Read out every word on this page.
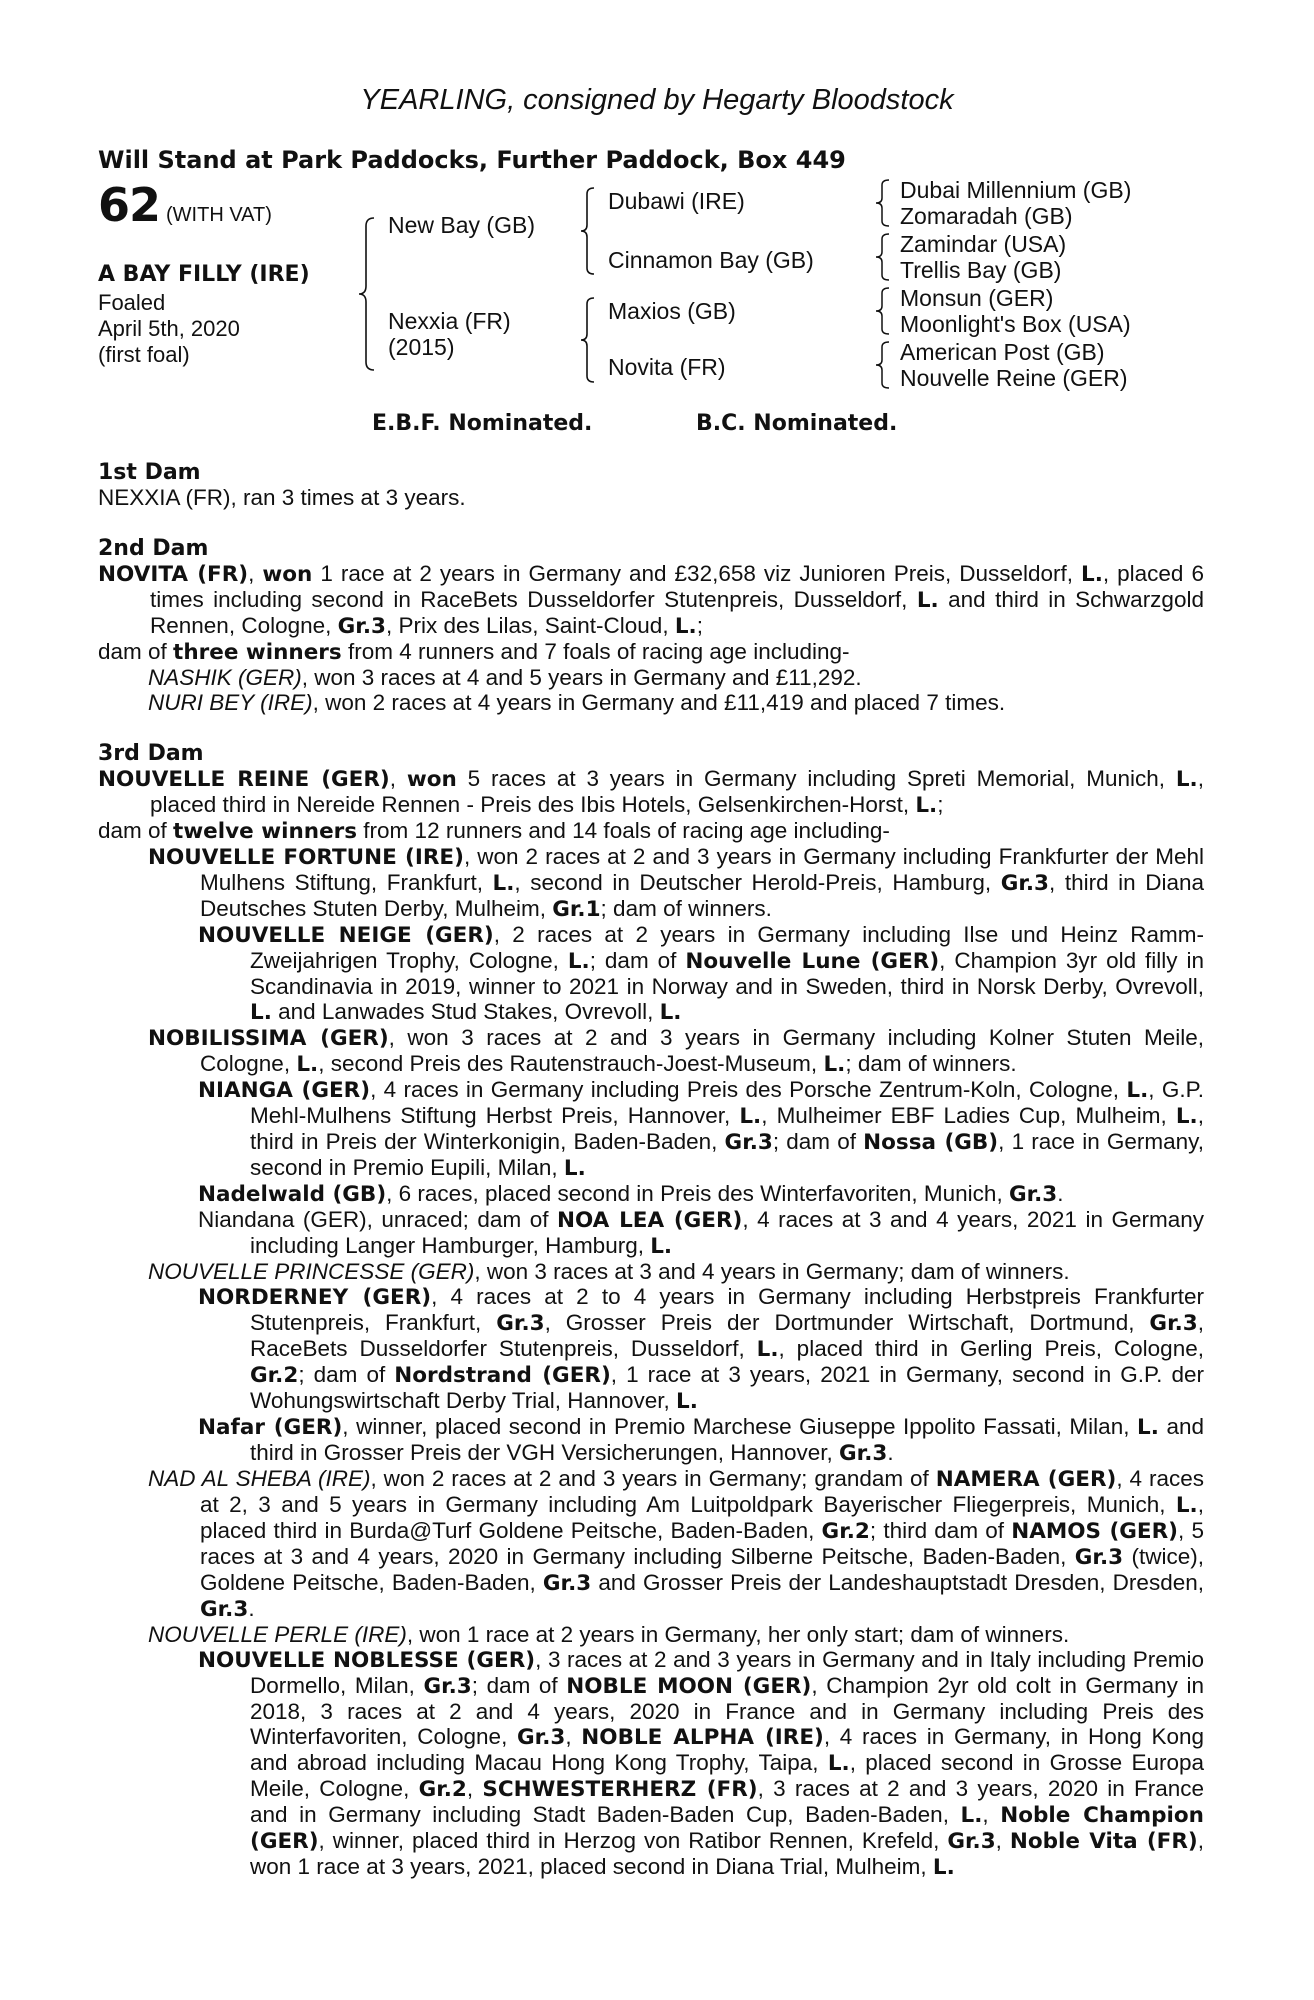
YEARLING, consigned by Hegarty Bloodstock
Will Stand at Park Paddocks, Further Paddock, Box 449
62 (WITH VAT)
A BAY FILLY (IRE)
Foaled
April 5th, 2020
(first foal)
New Bay (GB)
Nexxia (FR)
(2015)
Dubawi (IRE)
Cinnamon Bay (GB)
Maxios (GB)
Novita (FR)
Dubai Millennium (GB)
Zomaradah (GB)
Zamindar (USA)
Trellis Bay (GB)
Monsun (GER)
Moonlight's Box (USA)
American Post (GB)
Nouvelle Reine (GER)
E.B.F. Nominated.	B.C. Nominated.
1st Dam

NEXXIA (FR), ran 3 times at 3 years.

2nd Dam

NOVITA (FR), won 1 race at 2 years in Germany and £32,658 viz Junioren Preis, Dusseldorf, L., placed 6 times including second in RaceBets Dusseldorfer Stutenpreis, Dusseldorf, L. and third in Schwarzgold Rennen, Cologne, Gr.3, Prix des Lilas, Saint-Cloud, L.;

dam of three winners from 4 runners and 7 foals of racing age including-

NASHIK (GER), won 3 races at 4 and 5 years in Germany and £11,292.

NURI BEY (IRE), won 2 races at 4 years in Germany and £11,419 and placed 7 times.

3rd Dam

NOUVELLE REINE (GER), won 5 races at 3 years in Germany including Spreti Memorial, Munich, L., placed third in Nereide Rennen - Preis des Ibis Hotels, Gelsenkirchen-Horst, L.;

dam of twelve winners from 12 runners and 14 foals of racing age including-

NOUVELLE FORTUNE (IRE), won 2 races at 2 and 3 years in Germany including Frankfurter der Mehl Mulhens Stiftung, Frankfurt, L., second in Deutscher Herold-Preis, Hamburg, Gr.3, third in Diana Deutsches Stuten Derby, Mulheim, Gr.1; dam of winners.

NOUVELLE NEIGE (GER), 2 races at 2 years in Germany including Ilse und Heinz Ramm-Zweijahrigen Trophy, Cologne, L.; dam of Nouvelle Lune (GER), Champion 3yr old filly in Scandinavia in 2019, winner to 2021 in Norway and in Sweden, third in Norsk Derby, Ovrevoll, L. and Lanwades Stud Stakes, Ovrevoll, L.

NOBILISSIMA (GER), won 3 races at 2 and 3 years in Germany including Kolner Stuten Meile, Cologne, L., second Preis des Rautenstrauch-Joest-Museum, L.; dam of winners.

NIANGA (GER), 4 races in Germany including Preis des Porsche Zentrum-Koln, Cologne, L., G.P. Mehl-Mulhens Stiftung Herbst Preis, Hannover, L., Mulheimer EBF Ladies Cup, Mulheim, L., third in Preis der Winterkonigin, Baden-Baden, Gr.3; dam of Nossa (GB), 1 race in Germany, second in Premio Eupili, Milan, L.

Nadelwald (GB), 6 races, placed second in Preis des Winterfavoriten, Munich, Gr.3.

Niandana (GER), unraced; dam of NOA LEA (GER), 4 races at 3 and 4 years, 2021 in Germany including Langer Hamburger, Hamburg, L.

NOUVELLE PRINCESSE (GER), won 3 races at 3 and 4 years in Germany; dam of winners.

NORDERNEY (GER), 4 races at 2 to 4 years in Germany including Herbstpreis Frankfurter Stutenpreis, Frankfurt, Gr.3, Grosser Preis der Dortmunder Wirtschaft, Dortmund, Gr.3, RaceBets Dusseldorfer Stutenpreis, Dusseldorf, L., placed third in Gerling Preis, Cologne, Gr.2; dam of Nordstrand (GER), 1 race at 3 years, 2021 in Germany, second in G.P. der Wohungswirtschaft Derby Trial, Hannover, L.

Nafar (GER), winner, placed second in Premio Marchese Giuseppe Ippolito Fassati, Milan, L. and third in Grosser Preis der VGH Versicherungen, Hannover, Gr.3.

NAD AL SHEBA (IRE), won 2 races at 2 and 3 years in Germany; grandam of NAMERA (GER), 4 races at 2, 3 and 5 years in Germany including Am Luitpoldpark Bayerischer Fliegerpreis, Munich, L., placed third in Burda@Turf Goldene Peitsche, Baden-Baden, Gr.2; third dam of NAMOS (GER), 5 races at 3 and 4 years, 2020 in Germany including Silberne Peitsche, Baden-Baden, Gr.3 (twice), Goldene Peitsche, Baden-Baden, Gr.3 and Grosser Preis der Landeshauptstadt Dresden, Dresden, Gr.3.

NOUVELLE PERLE (IRE), won 1 race at 2 years in Germany, her only start; dam of winners.

NOUVELLE NOBLESSE (GER), 3 races at 2 and 3 years in Germany and in Italy including Premio Dormello, Milan, Gr.3; dam of NOBLE MOON (GER), Champion 2yr old colt in Germany in 2018, 3 races at 2 and 4 years, 2020 in France and in Germany including Preis des Winterfavoriten, Cologne, Gr.3, NOBLE ALPHA (IRE), 4 races in Germany, in Hong Kong and abroad including Macau Hong Kong Trophy, Taipa, L., placed second in Grosse Europa Meile, Cologne, Gr.2, SCHWESTERHERZ (FR), 3 races at 2 and 3 years, 2020 in France and in Germany including Stadt Baden-Baden Cup, Baden-Baden, L., Noble Champion (GER), winner, placed third in Herzog von Ratibor Rennen, Krefeld, Gr.3, Noble Vita (FR), won 1 race at 3 years, 2021, placed second in Diana Trial, Mulheim, L.
